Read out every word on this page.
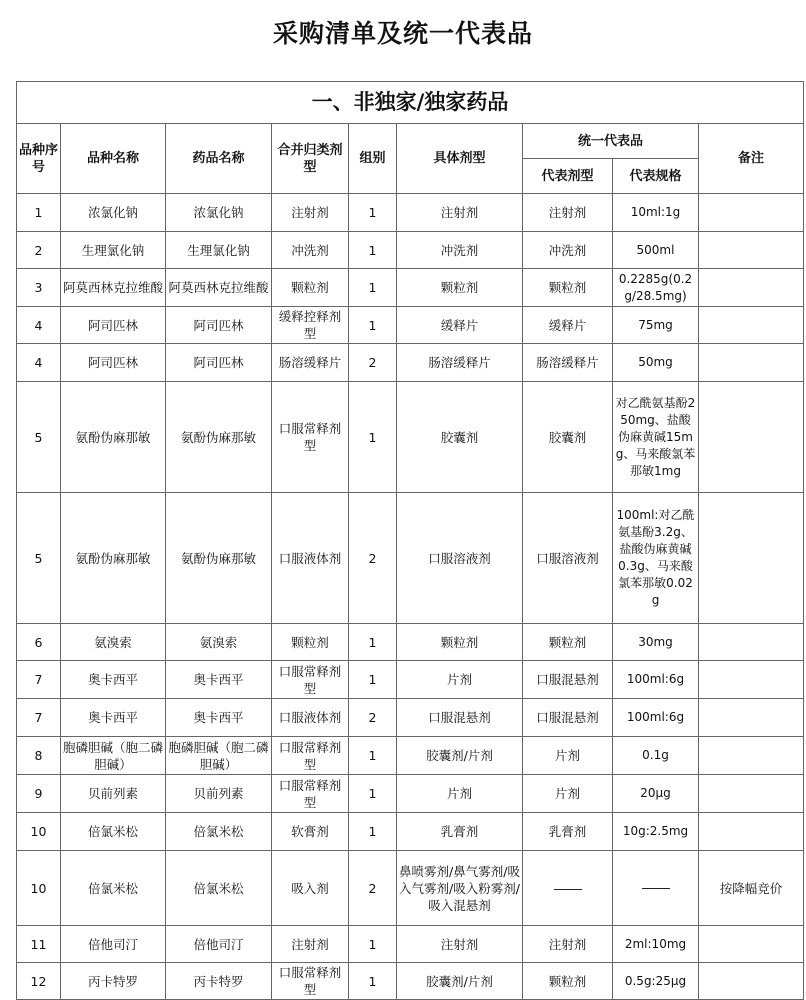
采购清单及统一代表品
一、非独家/独家药品								
品种序号	品种名称	药品名称	合并归类剂型	组别	具体剂型	统一代表品		备注
						代表剂型	代表规格	
1	浓氯化钠	浓氯化钠	注射剂	1	注射剂	注射剂	10ml:1g	
2	生理氯化钠	生理氯化钠	冲洗剂	1	冲洗剂	冲洗剂	500ml	
3	阿莫西林克拉维酸	阿莫西林克拉维酸	颗粒剂	1	颗粒剂	颗粒剂	0.2285g(0.2g/28.5mg)	
4	阿司匹林	阿司匹林	缓释控释剂型	1	缓释片	缓释片	75mg	
4	阿司匹林	阿司匹林	肠溶缓释片	2	肠溶缓释片	肠溶缓释片	50mg	
5	氨酚伪麻那敏	氨酚伪麻那敏	口服常释剂型	1	胶囊剂	胶囊剂	对乙酰氨基酚250mg、盐酸伪麻黄碱15mg、马来酸氯苯那敏1mg	
5	氨酚伪麻那敏	氨酚伪麻那敏	口服液体剂	2	口服溶液剂	口服溶液剂	100ml:对乙酰氨基酚3.2g、盐酸伪麻黄碱0.3g、马来酸氯苯那敏0.02g	
6	氨溴索	氨溴索	颗粒剂	1	颗粒剂	颗粒剂	30mg	
7	奥卡西平	奥卡西平	口服常释剂型	1	片剂	口服混悬剂	100ml:6g	
7	奥卡西平	奥卡西平	口服液体剂	2	口服混悬剂	口服混悬剂	100ml:6g	
8	胞磷胆碱（胞二磷胆碱）	胞磷胆碱（胞二磷胆碱）	口服常释剂型	1	胶囊剂/片剂	片剂	0.1g	
9	贝前列素	贝前列素	口服常释剂型	1	片剂	片剂	20μg	
10	倍氯米松	倍氯米松	软膏剂	1	乳膏剂	乳膏剂	10g:2.5mg	
10	倍氯米松	倍氯米松	吸入剂	2	鼻喷雾剂/鼻气雾剂/吸入气雾剂/吸入粉雾剂/吸入混悬剂			按降幅竞价
11	倍他司汀	倍他司汀	注射剂	1	注射剂	注射剂	2ml:10mg	
12	丙卡特罗	丙卡特罗	口服常释剂型	1	胶囊剂/片剂	颗粒剂	0.5g:25μg	
